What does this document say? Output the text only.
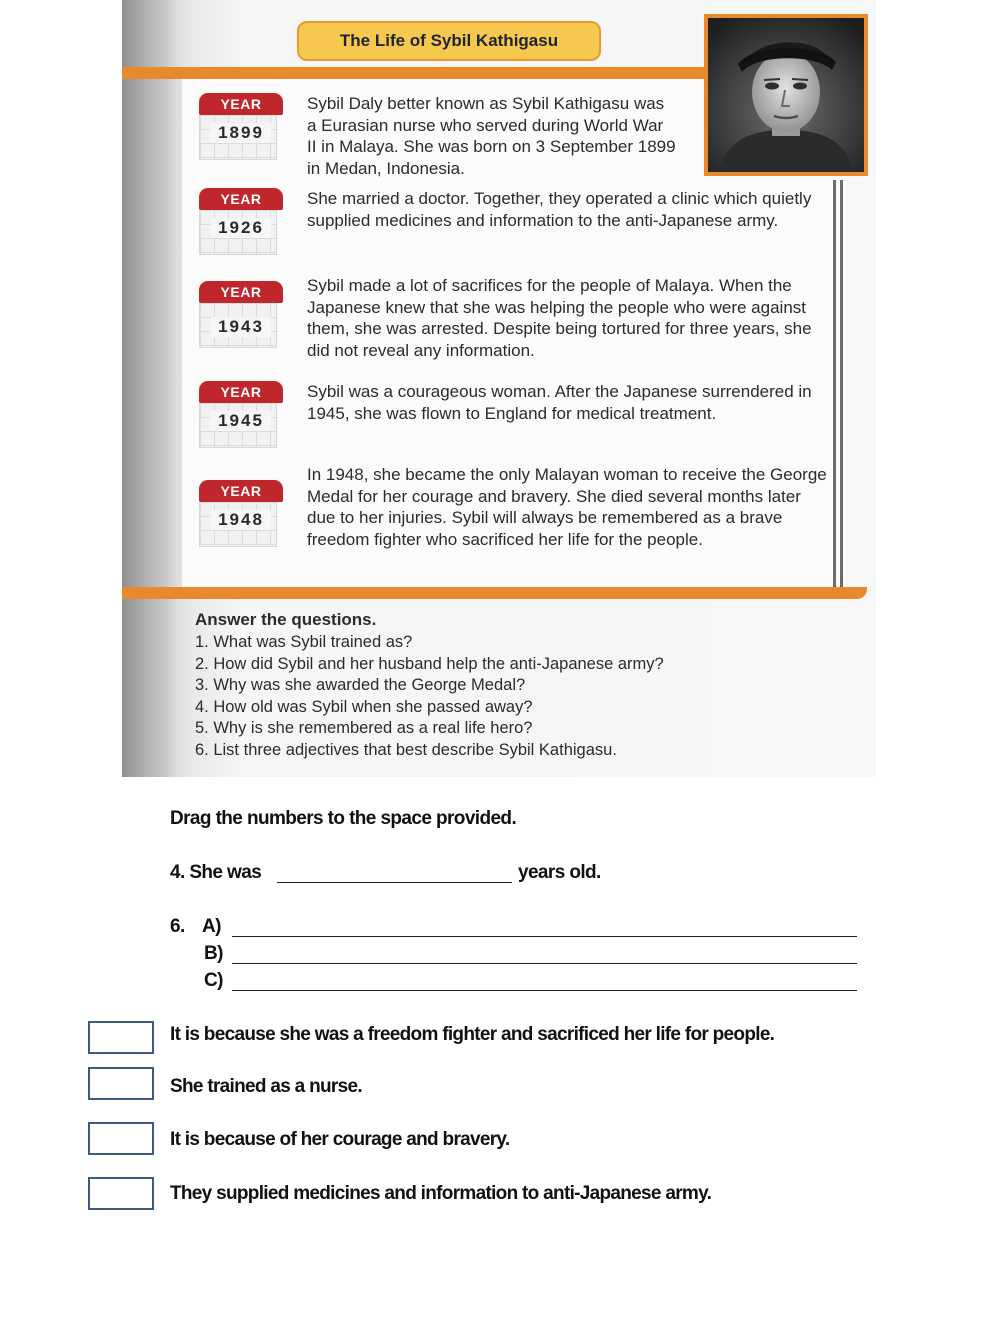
The Life of Sybil Kathigasu
YEAR
1899
Sybil Daly better known as Sybil Kathigasu was a Eurasian nurse who served during World War II in Malaya. She was born on 3 September 1899 in Medan, Indonesia.
YEAR
1926
She married a doctor. Together, they operated a clinic which quietly supplied medicines and information to the anti-Japanese army.
YEAR
1943
Sybil made a lot of sacrifices for the people of Malaya. When the Japanese knew that she was helping the people who were against them, she was arrested. Despite being tortured for three years, she did not reveal any information.
YEAR
1945
Sybil was a courageous woman. After the Japanese surrendered in 1945, she was flown to England for medical treatment.
YEAR
1948
In 1948, she became the only Malayan woman to receive the George Medal for her courage and bravery. She died several months later due to her injuries. Sybil will always be remembered as a brave freedom fighter who sacrificed her life for the people.
Answer the questions.
1. What was Sybil trained as?
2. How did Sybil and her husband help the anti-Japanese army?
3. Why was she awarded the George Medal?
4. How old was Sybil when she passed away?
5. Why is she remembered as a real life hero?
6. List three adjectives that best describe Sybil Kathigasu.
Drag the numbers to the space provided.
4. She was	years old.
6. A)
B)
C)
It is because she was a freedom fighter and sacrificed her life for people.
She trained as a nurse.
It is because of her courage and bravery.
They supplied medicines and information to anti-Japanese army.
